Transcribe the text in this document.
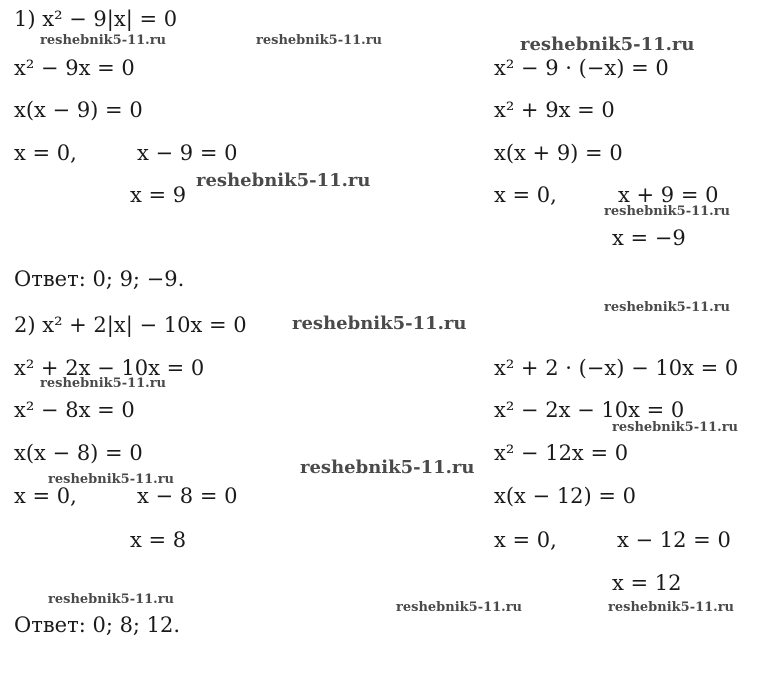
1) x² − 9|x| = 0
x² − 9x = 0
x(x − 9) = 0
x = 0,	x − 9 = 0
x = 9
x² − 9 · (−x) = 0
x² + 9x = 0
x(x + 9) = 0
x = 0,	x + 9 = 0
x = −9
Ответ: 0; 9; −9.
2) x² + 2|x| − 10x = 0
x² + 2x − 10x = 0
x² − 8x = 0
x(x − 8) = 0
x = 0,	x − 8 = 0
x = 8
x² + 2 · (−x) − 10x = 0
x² − 2x − 10x = 0
x² − 12x = 0
x(x − 12) = 0
x = 0,	x − 12 = 0
x = 12
Ответ: 0; 8; 12.
reshebnik5-11.ru	reshebnik5-11.ru	reshebnik5-11.ru
reshebnik5-11.ru
reshebnik5-11.ru
reshebnik5-11.ru
reshebnik5-11.ru
reshebnik5-11.ru
reshebnik5-11.ru
reshebnik5-11.ru
reshebnik5-11.ru
reshebnik5-11.ru
reshebnik5-11.ru	reshebnik5-11.ru
